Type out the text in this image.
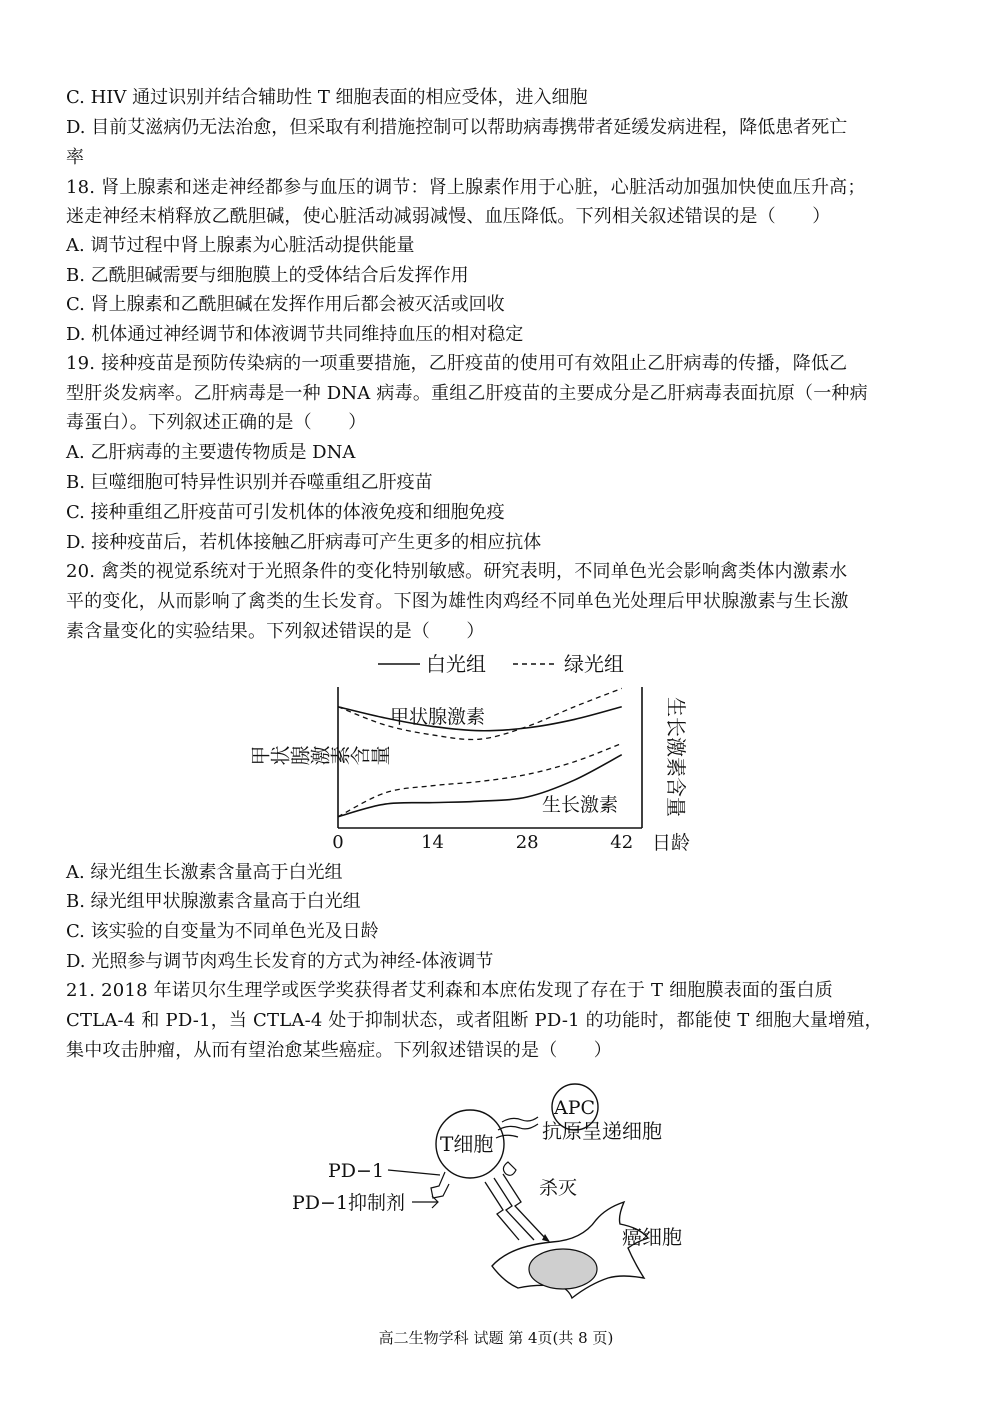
C. HIV 通过识别并结合辅助性 T 细胞表面的相应受体，进入细胞
D. 目前艾滋病仍无法治愈，但采取有利措施控制可以帮助病毒携带者延缓发病进程，降低患者死亡
率
18. 肾上腺素和迷走神经都参与血压的调节：肾上腺素作用于心脏，心脏活动加强加快使血压升高；
迷走神经末梢释放乙酰胆碱，使心脏活动减弱减慢、血压降低。下列相关叙述错误的是（　　）
A. 调节过程中肾上腺素为心脏活动提供能量
B. 乙酰胆碱需要与细胞膜上的受体结合后发挥作用
C. 肾上腺素和乙酰胆碱在发挥作用后都会被灭活或回收
D. 机体通过神经调节和体液调节共同维持血压的相对稳定
19. 接种疫苗是预防传染病的一项重要措施，乙肝疫苗的使用可有效阻止乙肝病毒的传播，降低乙
型肝炎发病率。乙肝病毒是一种 DNA 病毒。重组乙肝疫苗的主要成分是乙肝病毒表面抗原（一种病
毒蛋白）。下列叙述正确的是（　　）
A. 乙肝病毒的主要遗传物质是 DNA
B. 巨噬细胞可特异性识别并吞噬重组乙肝疫苗
C. 接种重组乙肝疫苗可引发机体的体液免疫和细胞免疫
D. 接种疫苗后，若机体接触乙肝病毒可产生更多的相应抗体
20. 禽类的视觉系统对于光照条件的变化特别敏感。研究表明，不同单色光会影响禽类体内激素水
平的变化，从而影响了禽类的生长发育。下图为雄性肉鸡经不同单色光处理后甲状腺激素与生长激
素含量变化的实验结果。下列叙述错误的是（　　）
白光组	绿光组
甲状腺激素含量	生长激素含量
0	14	28	42 日龄
甲状腺激素
生长激素
A. 绿光组生长激素含量高于白光组
B. 绿光组甲状腺激素含量高于白光组
C. 该实验的自变量为不同单色光及日龄
D. 光照参与调节肉鸡生长发育的方式为神经-体液调节
21. 2018 年诺贝尔生理学或医学奖获得者艾利森和本庶佑发现了存在于 T 细胞膜表面的蛋白质
CTLA-4 和 PD-1，当 CTLA-4 处于抑制状态，或者阻断 PD-1 的功能时，都能使 T 细胞大量增殖，
集中攻击肿瘤，从而有望治愈某些癌症。下列叙述错误的是（　　）
APC
抗原呈递细胞
T细胞
PD−1
PD−1抑制剂
杀灭
癌细胞
高二生物学科 试题 第 4页(共 8 页)
